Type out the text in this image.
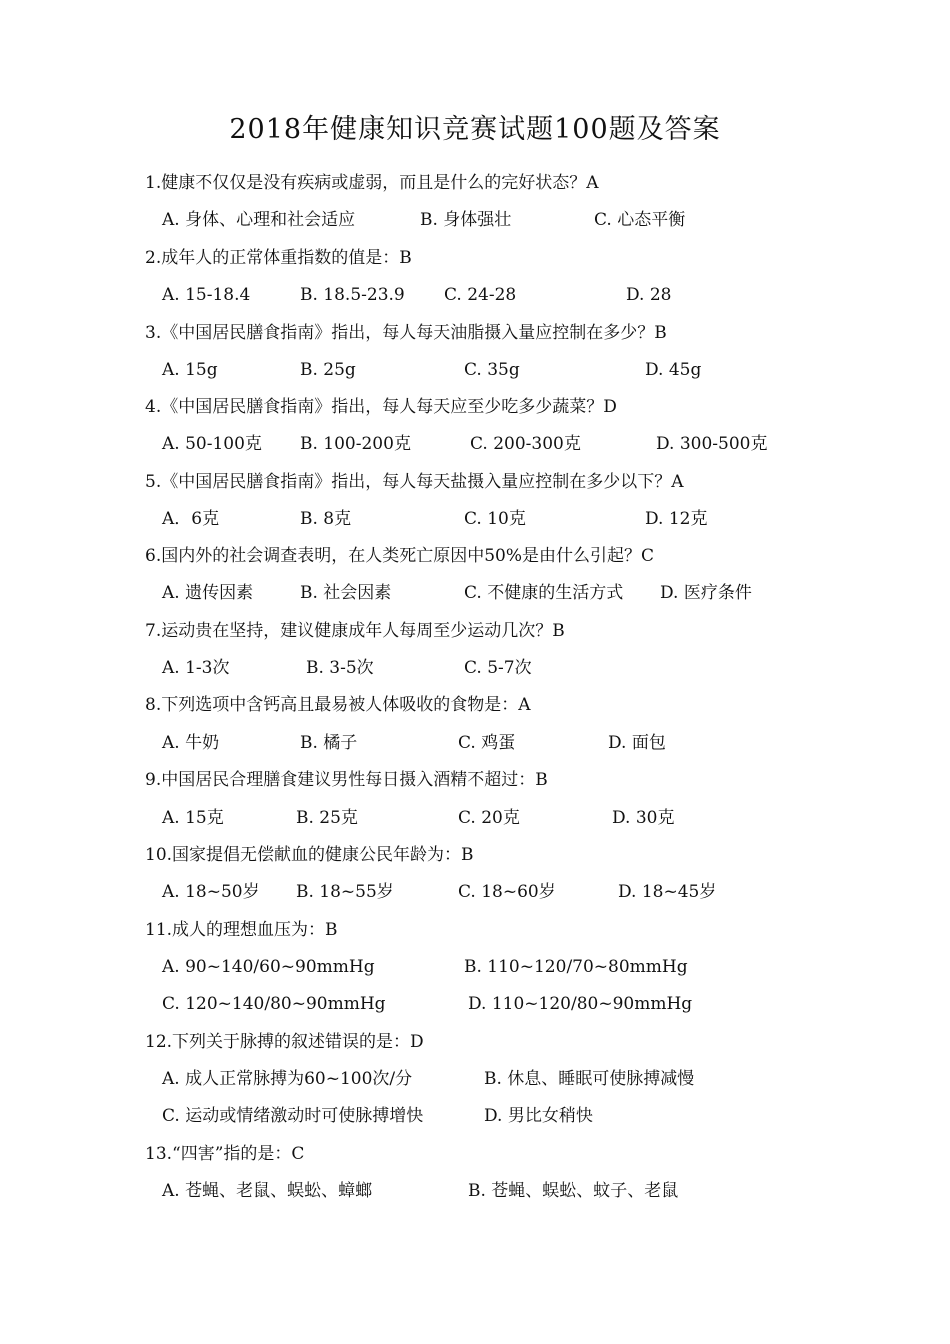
2018年健康知识竞赛试题100题及答案
1.健康不仅仅是没有疾病或虚弱，而且是什么的完好状态？A
A. 身体、心理和社会适应	B. 身体强壮	C. 心态平衡
2.成年人的正常体重指数的值是：B
A. 15-18.4	B. 18.5-23.9 C. 24-28	D. 28
3.《中国居民膳食指南》指出，每人每天油脂摄入量应控制在多少？B
A. 15g	B. 25g	C. 35g	D. 45g
4.《中国居民膳食指南》指出，每人每天应至少吃多少蔬菜？D
A. 50-100克 B. 100-200克	C. 200-300克	D. 300-500克
5.《中国居民膳食指南》指出，每人每天盐摄入量应控制在多少以下？A
A．6克	B. 8克	C. 10克	D. 12克
6.国内外的社会调查表明，在人类死亡原因中50%是由什么引起？C
A. 遗传因素	B. 社会因素	C. 不健康的生活方式 D. 医疗条件
7.运动贵在坚持，建议健康成年人每周至少运动几次？B
A. 1-3次	B. 3-5次	C. 5-7次
8.下列选项中含钙高且最易被人体吸收的食物是：A
A. 牛奶	B. 橘子	C. 鸡蛋	D. 面包
9.中国居民合理膳食建议男性每日摄入酒精不超过：B
A. 15克	B. 25克	C. 20克	D. 30克
10.国家提倡无偿献血的健康公民年龄为：B
A. 18~50岁 B. 18~55岁	C. 18~60岁	D. 18~45岁
11.成人的理想血压为：B
A. 90~140/60~90mmHg	B. 110~120/70~80mmHg
C. 120~140/80~90mmHg	D. 110~120/80~90mmHg
12.下列关于脉搏的叙述错误的是：D
A. 成人正常脉搏为60~100次/分	B. 休息、睡眠可使脉搏减慢
C. 运动或情绪激动时可使脉搏增快	D. 男比女稍快
13.“四害”指的是：C
A. 苍蝇、老鼠、蜈蚣、蟑螂	B. 苍蝇、蜈蚣、蚊子、老鼠
